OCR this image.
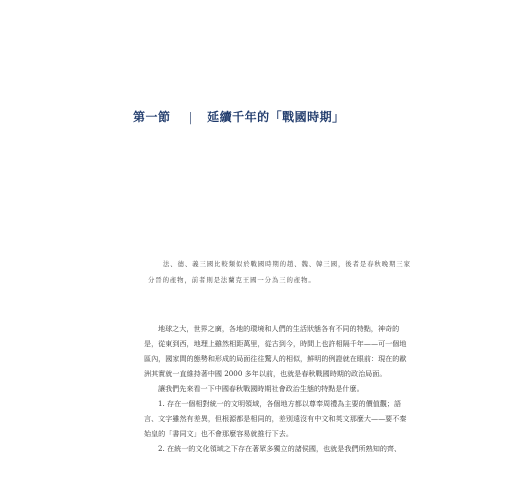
第一節 | 延續千年的「戰國時期」

法、德、義三國比較類似於戰國時期的趙、魏、韓三國，後者是春秋晚期三家

分晉的產物，前者則是法蘭克王國一分為三的產物。

地球之大，世界之廣，各地的環境和人們的生活狀態各有不同的特點，神奇的

是，從東到西，地理上雖然相距萬里，從古到今，時間上也許相隔千年——可一個地

區內，國家間的態勢和形成的局面往往驚人的相似，鮮明的例證就在眼前：現在的歐

洲其實就一直維持著中國 2000 多年以前，也就是春秋戰國時期的政治局面。

讓我們先來看一下中國春秋戰國時期社會政治生態的特點是什麼。

1. 存在一個相對統一的文明領域，各個地方都以尊奉周禮為主要的價值觀；語

言、文字雖然有差異，但根源都是相同的，差別遠沒有中文和英文那麼大——要不秦

始皇的「書同文」也不會那麼容易就推行下去。

2. 在統一的文化領域之下存在著眾多獨立的諸侯國，也就是我們所熟知的齊、
